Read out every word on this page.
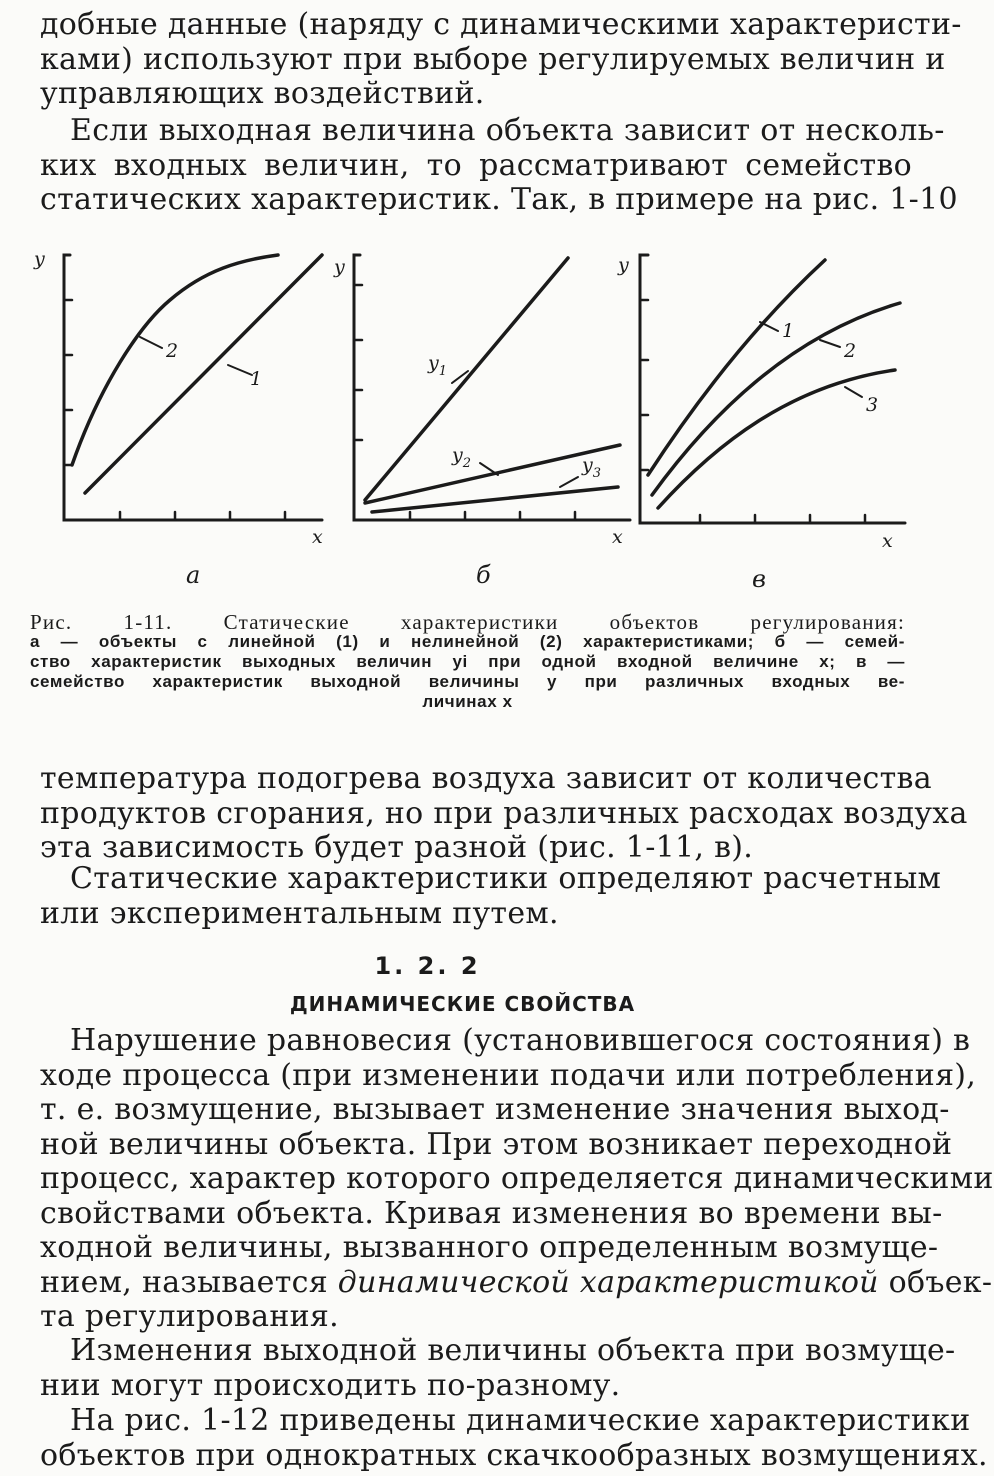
добные данные (наряду с динамическими характеристи-
ками) используют при выборе регулируемых величин и
управляющих воздействий.

Если выходная величина объекта зависит от несколь-
ких входных величин, то рассматривают семейство
статических характеристик. Так, в примере на рис. 1-10

y
x
2
1
а
y
x
$y_1$
$y_2$	$y_3$
б
y
x
1
2
3
в

Рис. 1-11. Статические характеристики объектов регулирования:
а — объекты с линейной (1) и нелинейной (2) характеристиками; б — семей-
ство характеристик выходных величин yi при одной входной величине x; в —
семейство характеристик выходной величины y при различных входных ве-
личинах x

температура подогрева воздуха зависит от количества
продуктов сгорания, но при различных расходах воздуха
эта зависимость будет разной (рис. 1-11, в).

Статические характеристики определяют расчетным
или экспериментальным путем.

1. 2. 2
ДИНАМИЧЕСКИЕ СВОЙСТВА

Нарушение равновесия (установившегося состояния) в
ходе процесса (при изменении подачи или потребления),
т. е. возмущение, вызывает изменение значения выход-
ной величины объекта. При этом возникает переходной
процесс, характер которого определяется динамическими
свойствами объекта. Кривая изменения во времени вы-
ходной величины, вызванного определенным возмуще-
нием, называется динамической характеристикой объек-
та регулирования.

Изменения выходной величины объекта при возмуще-
нии могут происходить по-разному.

На рис. 1-12 приведены динамические характеристики
объектов при однократных скачкообразных возмущениях.
